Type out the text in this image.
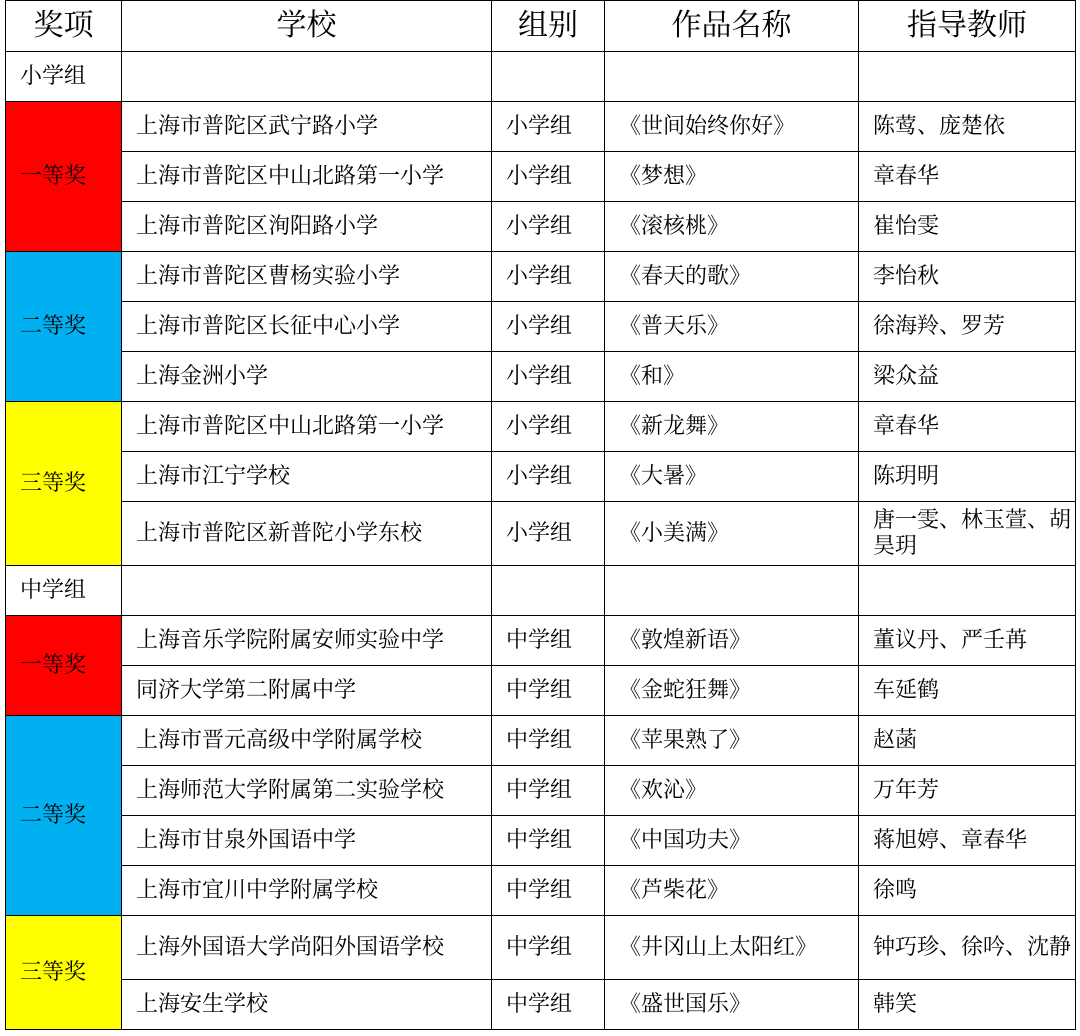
奖项	学校	组别	作品名称	指导教师
小学组				
一等奖	上海市普陀区武宁路小学	小学组	《世间始终你好》	陈莺、庞楚依
	上海市普陀区中山北路第一小学	小学组	《梦想》	章春华
	上海市普陀区洵阳路小学	小学组	《滚核桃》	崔怡雯
二等奖	上海市普陀区曹杨实验小学	小学组	《春天的歌》	李怡秋
	上海市普陀区长征中心小学	小学组	《普天乐》	徐海羚、罗芳
	上海金洲小学	小学组	《和》	梁众益
三等奖	上海市普陀区中山北路第一小学	小学组	《新龙舞》	章春华
	上海市江宁学校	小学组	《大暑》	陈玥明
	上海市普陀区新普陀小学东校	小学组	《小美满》	唐一雯、林玉萱、胡昊玥
中学组				
一等奖	上海音乐学院附属安师实验中学	中学组	《敦煌新语》	董议丹、严壬苒
	同济大学第二附属中学	中学组	《金蛇狂舞》	车延鹤
二等奖	上海市晋元高级中学附属学校	中学组	《苹果熟了》	赵菡
	上海师范大学附属第二实验学校	中学组	《欢沁》	万年芳
	上海市甘泉外国语中学	中学组	《中国功夫》	蒋旭婷、章春华
	上海市宜川中学附属学校	中学组	《芦柴花》	徐鸣
三等奖	上海外国语大学尚阳外国语学校	中学组	《井冈山上太阳红》	钟巧珍、徐吟、沈静
	上海安生学校	中学组	《盛世国乐》	韩笑
